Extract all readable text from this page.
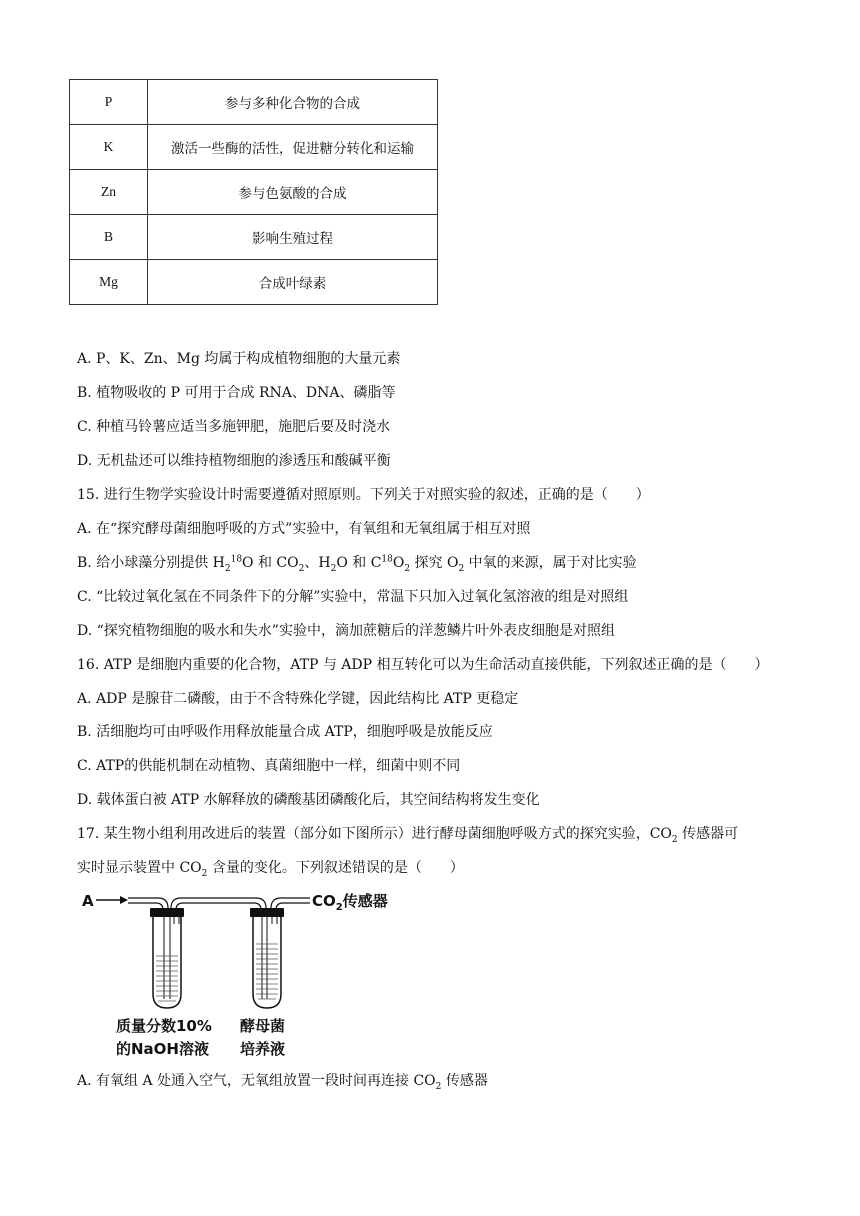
P	参与多种化合物的合成
K	激活一些酶的活性，促进糖分转化和运输
Zn	参与色氨酸的合成
B	影响生殖过程
Mg	合成叶绿素
A. P、K、Zn、Mg 均属于构成植物细胞的大量元素
B. 植物吸收的 P 可用于合成 RNA、DNA、磷脂等
C. 种植马铃薯应适当多施钾肥，施肥后要及时浇水
D. 无机盐还可以维持植物细胞的渗透压和酸碱平衡
15. 进行生物学实验设计时需要遵循对照原则。下列关于对照实验的叙述，正确的是（　　）
A. 在“探究酵母菌细胞呼吸的方式”实验中，有氧组和无氧组属于相互对照
B. 给小球藻分别提供 $H_2^{18}O$ 和 $CO_2$、$H_2O$ 和 $C^{18}O_2$ 探究 $O_2$ 中氧的来源，属于对比实验
C. “比较过氧化氢在不同条件下的分解”实验中，常温下只加入过氧化氢溶液的组是对照组
D. “探究植物细胞的吸水和失水”实验中，滴加蔗糖后的洋葱鳞片叶外表皮细胞是对照组
16. ATP 是细胞内重要的化合物，ATP 与 ADP 相互转化可以为生命活动直接供能，下列叙述正确的是（　　）
A. ADP 是腺苷二磷酸，由于不含特殊化学键，因此结构比 ATP 更稳定
B. 活细胞均可由呼吸作用释放能量合成 ATP，细胞呼吸是放能反应
C. ATP的供能机制在动植物、真菌细胞中一样，细菌中则不同
D. 载体蛋白被 ATP 水解释放的磷酸基团磷酸化后，其空间结构将发生变化
17. 某生物小组利用改进后的装置（部分如下图所示）进行酵母菌细胞呼吸方式的探究实验，$CO_2$ 传感器可
实时显示装置中 $CO_2$ 含量的变化。下列叙述错误的是（　　）
A	$CO_2$传感器
质量分数10%
的NaOH溶液
酵母菌
培养液
A. 有氧组 A 处通入空气，无氧组放置一段时间再连接 $CO_2$ 传感器
